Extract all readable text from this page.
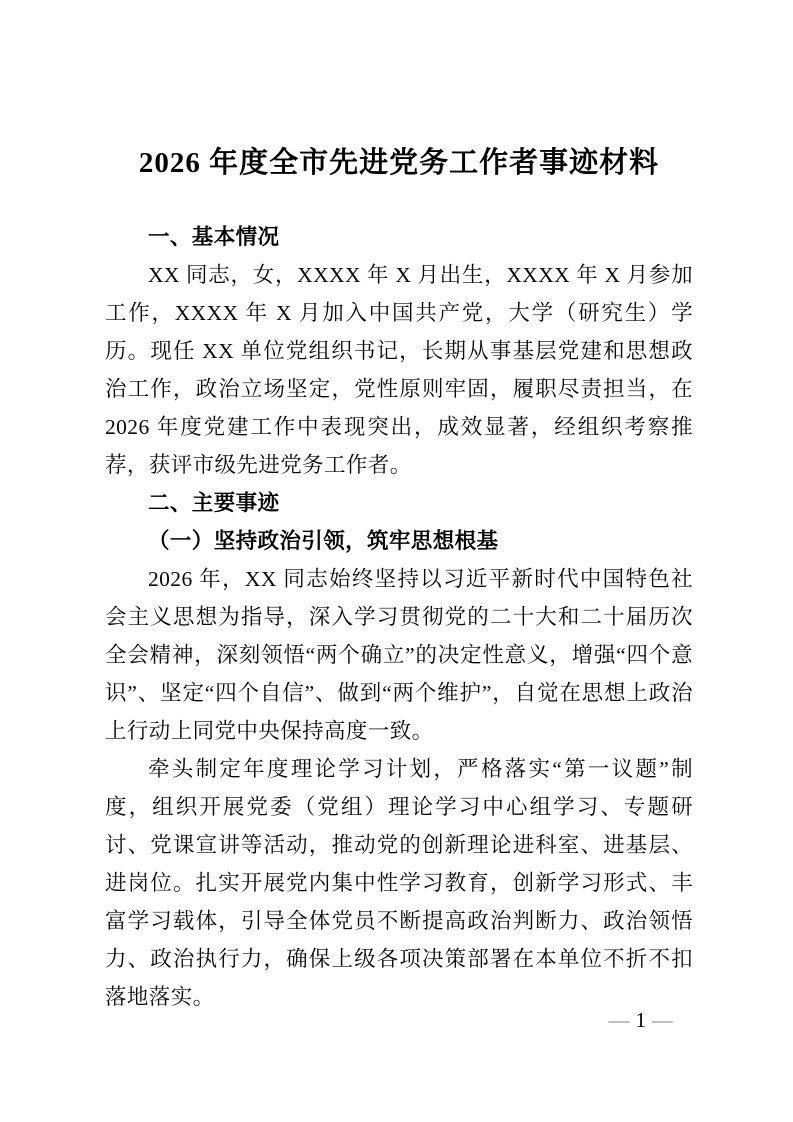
2026 年度全市先进党务工作者事迹材料
一、基本情况

XX 同志，女，XXXX 年 X 月出生，XXXX 年 X 月参加工作，XXXX 年 X 月加入中国共产党，大学（研究生）学历。现任 XX 单位党组织书记，长期从事基层党建和思想政治工作，政治立场坚定，党性原则牢固，履职尽责担当，在 2026 年度党建工作中表现突出，成效显著，经组织考察推荐，获评市级先进党务工作者。

二、主要事迹
（一）坚持政治引领，筑牢思想根基

2026 年，XX 同志始终坚持以习近平新时代中国特色社会主义思想为指导，深入学习贯彻党的二十大和二十届历次全会精神，深刻领悟“两个确立”的决定性意义，增强“四个意识”、坚定“四个自信”、做到“两个维护”，自觉在思想上政治上行动上同党中央保持高度一致。

牵头制定年度理论学习计划，严格落实“第一议题”制度，组织开展党委（党组）理论学习中心组学习、专题研讨、党课宣讲等活动，推动党的创新理论进科室、进基层、进岗位。扎实开展党内集中性学习教育，创新学习形式、丰富学习载体，引导全体党员不断提高政治判断力、政治领悟力、政治执行力，确保上级各项决策部署在本单位不折不扣落地落实。

— 1 —
